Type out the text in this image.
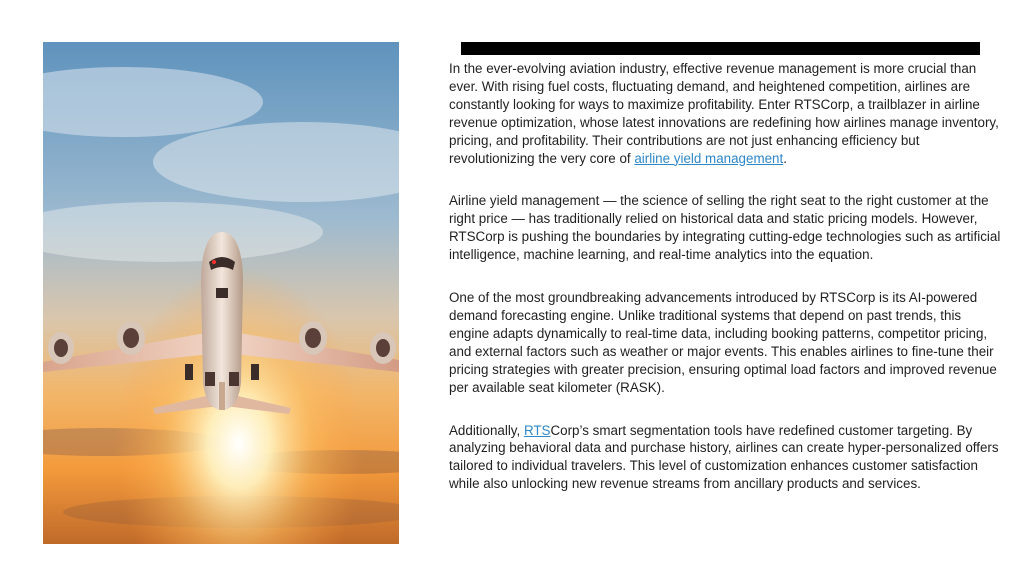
In the ever-evolving aviation industry, effective revenue management is more crucial than ever. With rising fuel costs, fluctuating demand, and heightened competition, airlines are constantly looking for ways to maximize profitability. Enter RTSCorp, a trailblazer in airline revenue optimization, whose latest innovations are redefining how airlines manage inventory, pricing, and profitability. Their contributions are not just enhancing efficiency but revolutionizing the very core of airline yield management.

Airline yield management — the science of selling the right seat to the right customer at the right price — has traditionally relied on historical data and static pricing models. However, RTSCorp is pushing the boundaries by integrating cutting-edge technologies such as artificial intelligence, machine learning, and real-time analytics into the equation.

One of the most groundbreaking advancements introduced by RTSCorp is its AI-powered demand forecasting engine. Unlike traditional systems that depend on past trends, this engine adapts dynamically to real-time data, including booking patterns, competitor pricing, and external factors such as weather or major events. This enables airlines to fine-tune their pricing strategies with greater precision, ensuring optimal load factors and improved revenue per available seat kilometer (RASK).

Additionally, RTSCorp’s smart segmentation tools have redefined customer targeting. By analyzing behavioral data and purchase history, airlines can create hyper-personalized offers tailored to individual travelers. This level of customization enhances customer satisfaction while also unlocking new revenue streams from ancillary products and services.
